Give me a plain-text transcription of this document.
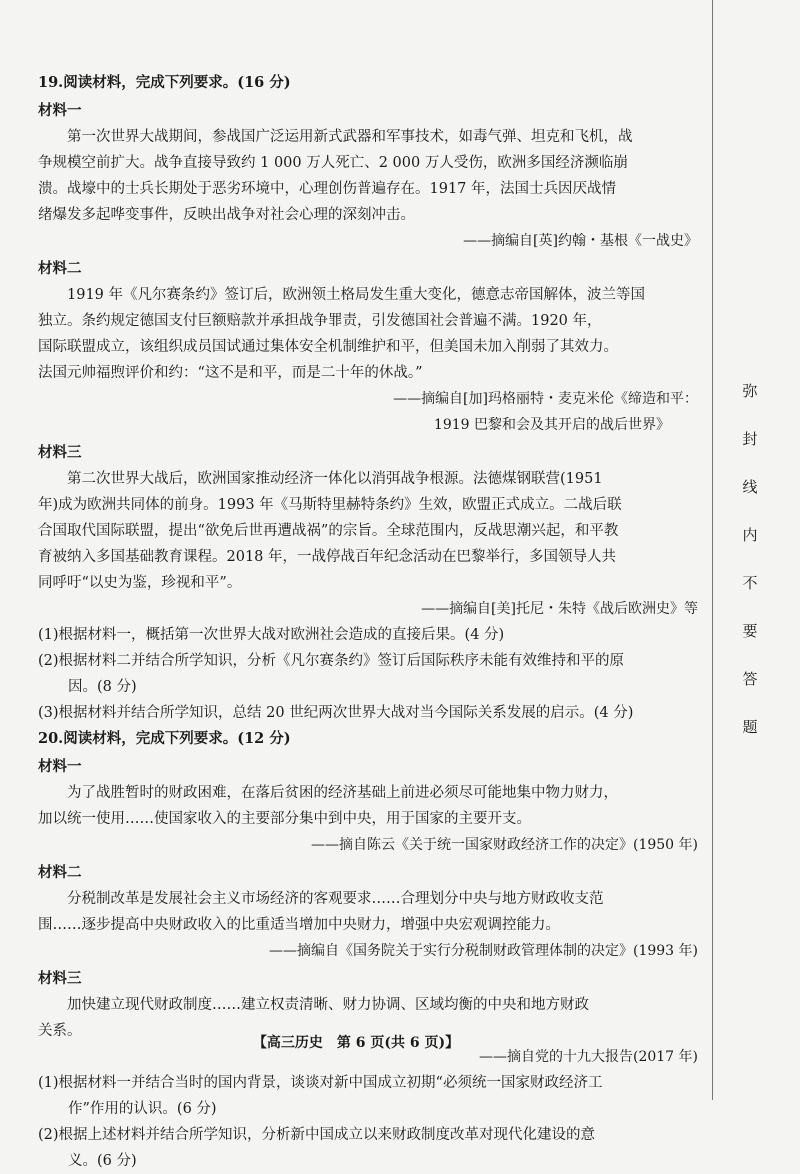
19.阅读材料，完成下列要求。(16 分)
材料一
第一次世界大战期间，参战国广泛运用新式武器和军事技术，如毒气弹、坦克和飞机，战
争规模空前扩大。战争直接导致约 1 000 万人死亡、2 000 万人受伤，欧洲多国经济濒临崩
溃。战壕中的士兵长期处于恶劣环境中，心理创伤普遍存在。1917 年，法国士兵因厌战情
绪爆发多起哗变事件，反映出战争对社会心理的深刻冲击。
——摘编自[英]约翰・基根《一战史》
材料二
1919 年《凡尔赛条约》签订后，欧洲领土格局发生重大变化，德意志帝国解体，波兰等国
独立。条约规定德国支付巨额赔款并承担战争罪责，引发德国社会普遍不满。1920 年，
国际联盟成立，该组织成员国试通过集体安全机制维护和平，但美国未加入削弱了其效力。
法国元帅福煦评价和约：“这不是和平，而是二十年的休战。”
——摘编自[加]玛格丽特・麦克米伦《缔造和平：
1919 巴黎和会及其开启的战后世界》
材料三
第二次世界大战后，欧洲国家推动经济一体化以消弭战争根源。法德煤钢联营(1951
年)成为欧洲共同体的前身。1993 年《马斯特里赫特条约》生效，欧盟正式成立。二战后联
合国取代国际联盟，提出“欲免后世再遭战祸”的宗旨。全球范围内，反战思潮兴起，和平教
育被纳入多国基础教育课程。2018 年，一战停战百年纪念活动在巴黎举行，多国领导人共
同呼吁“以史为鉴，珍视和平”。
——摘编自[美]托尼・朱特《战后欧洲史》等
(1)根据材料一，概括第一次世界大战对欧洲社会造成的直接后果。(4 分)
(2)根据材料二并结合所学知识，分析《凡尔赛条约》签订后国际秩序未能有效维持和平的原
因。(8 分)
(3)根据材料并结合所学知识，总结 20 世纪两次世界大战对当今国际关系发展的启示。(4 分)
20.阅读材料，完成下列要求。(12 分)
材料一
为了战胜暂时的财政困难，在落后贫困的经济基础上前进必须尽可能地集中物力财力，
加以统一使用……使国家收入的主要部分集中到中央，用于国家的主要开支。
——摘自陈云《关于统一国家财政经济工作的决定》(1950 年)
材料二
分税制改革是发展社会主义市场经济的客观要求……合理划分中央与地方财政收支范
围……逐步提高中央财政收入的比重适当增加中央财力，增强中央宏观调控能力。
——摘编自《国务院关于实行分税制财政管理体制的决定》(1993 年)
材料三
加快建立现代财政制度……建立权责清晰、财力协调、区域均衡的中央和地方财政
关系。
——摘自党的十九大报告(2017 年)
(1)根据材料一并结合当时的国内背景，谈谈对新中国成立初期“必须统一国家财政经济工
作”作用的认识。(6 分)
(2)根据上述材料并结合所学知识，分析新中国成立以来财政制度改革对现代化建设的意
义。(6 分)
弥
封
线
内
不
要
答
题
【高三历史　第 6 页(共 6 页)】
